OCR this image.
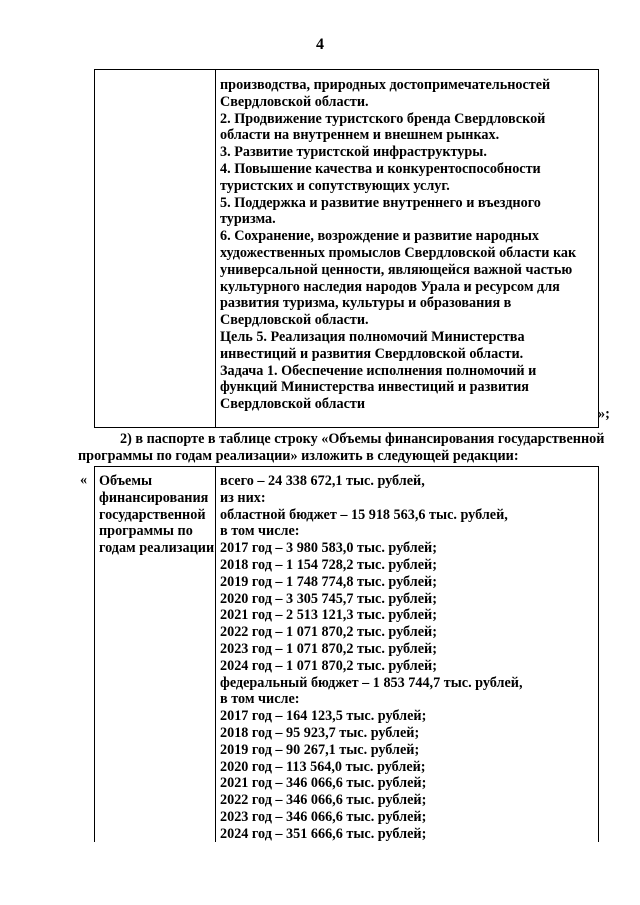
4
производства, природных достопримечательностей
Свердловской области.
2. Продвижение туристского бренда Свердловской
области на внутреннем и внешнем рынках.
3. Развитие туристской инфраструктуры.
4. Повышение качества и конкурентоспособности
туристских и сопутствующих услуг.
5. Поддержка и развитие внутреннего и въездного
туризма.
6. Сохранение, возрождение и развитие народных
художественных промыслов Свердловской области как
универсальной ценности, являющейся важной частью
культурного наследия народов Урала и ресурсом для
развития туризма, культуры и образования в
Свердловской области.
Цель 5. Реализация полномочий Министерства
инвестиций и развития Свердловской области.
Задача 1. Обеспечение исполнения полномочий и
функций Министерства инвестиций и развития
Свердловской области
»;
2) в паспорте в таблице строку «Объемы финансирования государственной
программы по годам реализации» изложить в следующей редакции:
« Объемы
финансирования
государственной
программы по
годам реализации
всего – 24 338 672,1 тыс. рублей,
из них:
областной бюджет – 15 918 563,6 тыс. рублей,
в том числе:
2017 год – 3 980 583,0 тыс. рублей;
2018 год – 1 154 728,2 тыс. рублей;
2019 год – 1 748 774,8 тыс. рублей;
2020 год – 3 305 745,7 тыс. рублей;
2021 год – 2 513 121,3 тыс. рублей;
2022 год – 1 071 870,2 тыс. рублей;
2023 год – 1 071 870,2 тыс. рублей;
2024 год – 1 071 870,2 тыс. рублей;
федеральный бюджет – 1 853 744,7 тыс. рублей,
в том числе:
2017 год – 164 123,5 тыс. рублей;
2018 год – 95 923,7 тыс. рублей;
2019 год – 90 267,1 тыс. рублей;
2020 год – 113 564,0 тыс. рублей;
2021 год – 346 066,6 тыс. рублей;
2022 год – 346 066,6 тыс. рублей;
2023 год – 346 066,6 тыс. рублей;
2024 год – 351 666,6 тыс. рублей;
